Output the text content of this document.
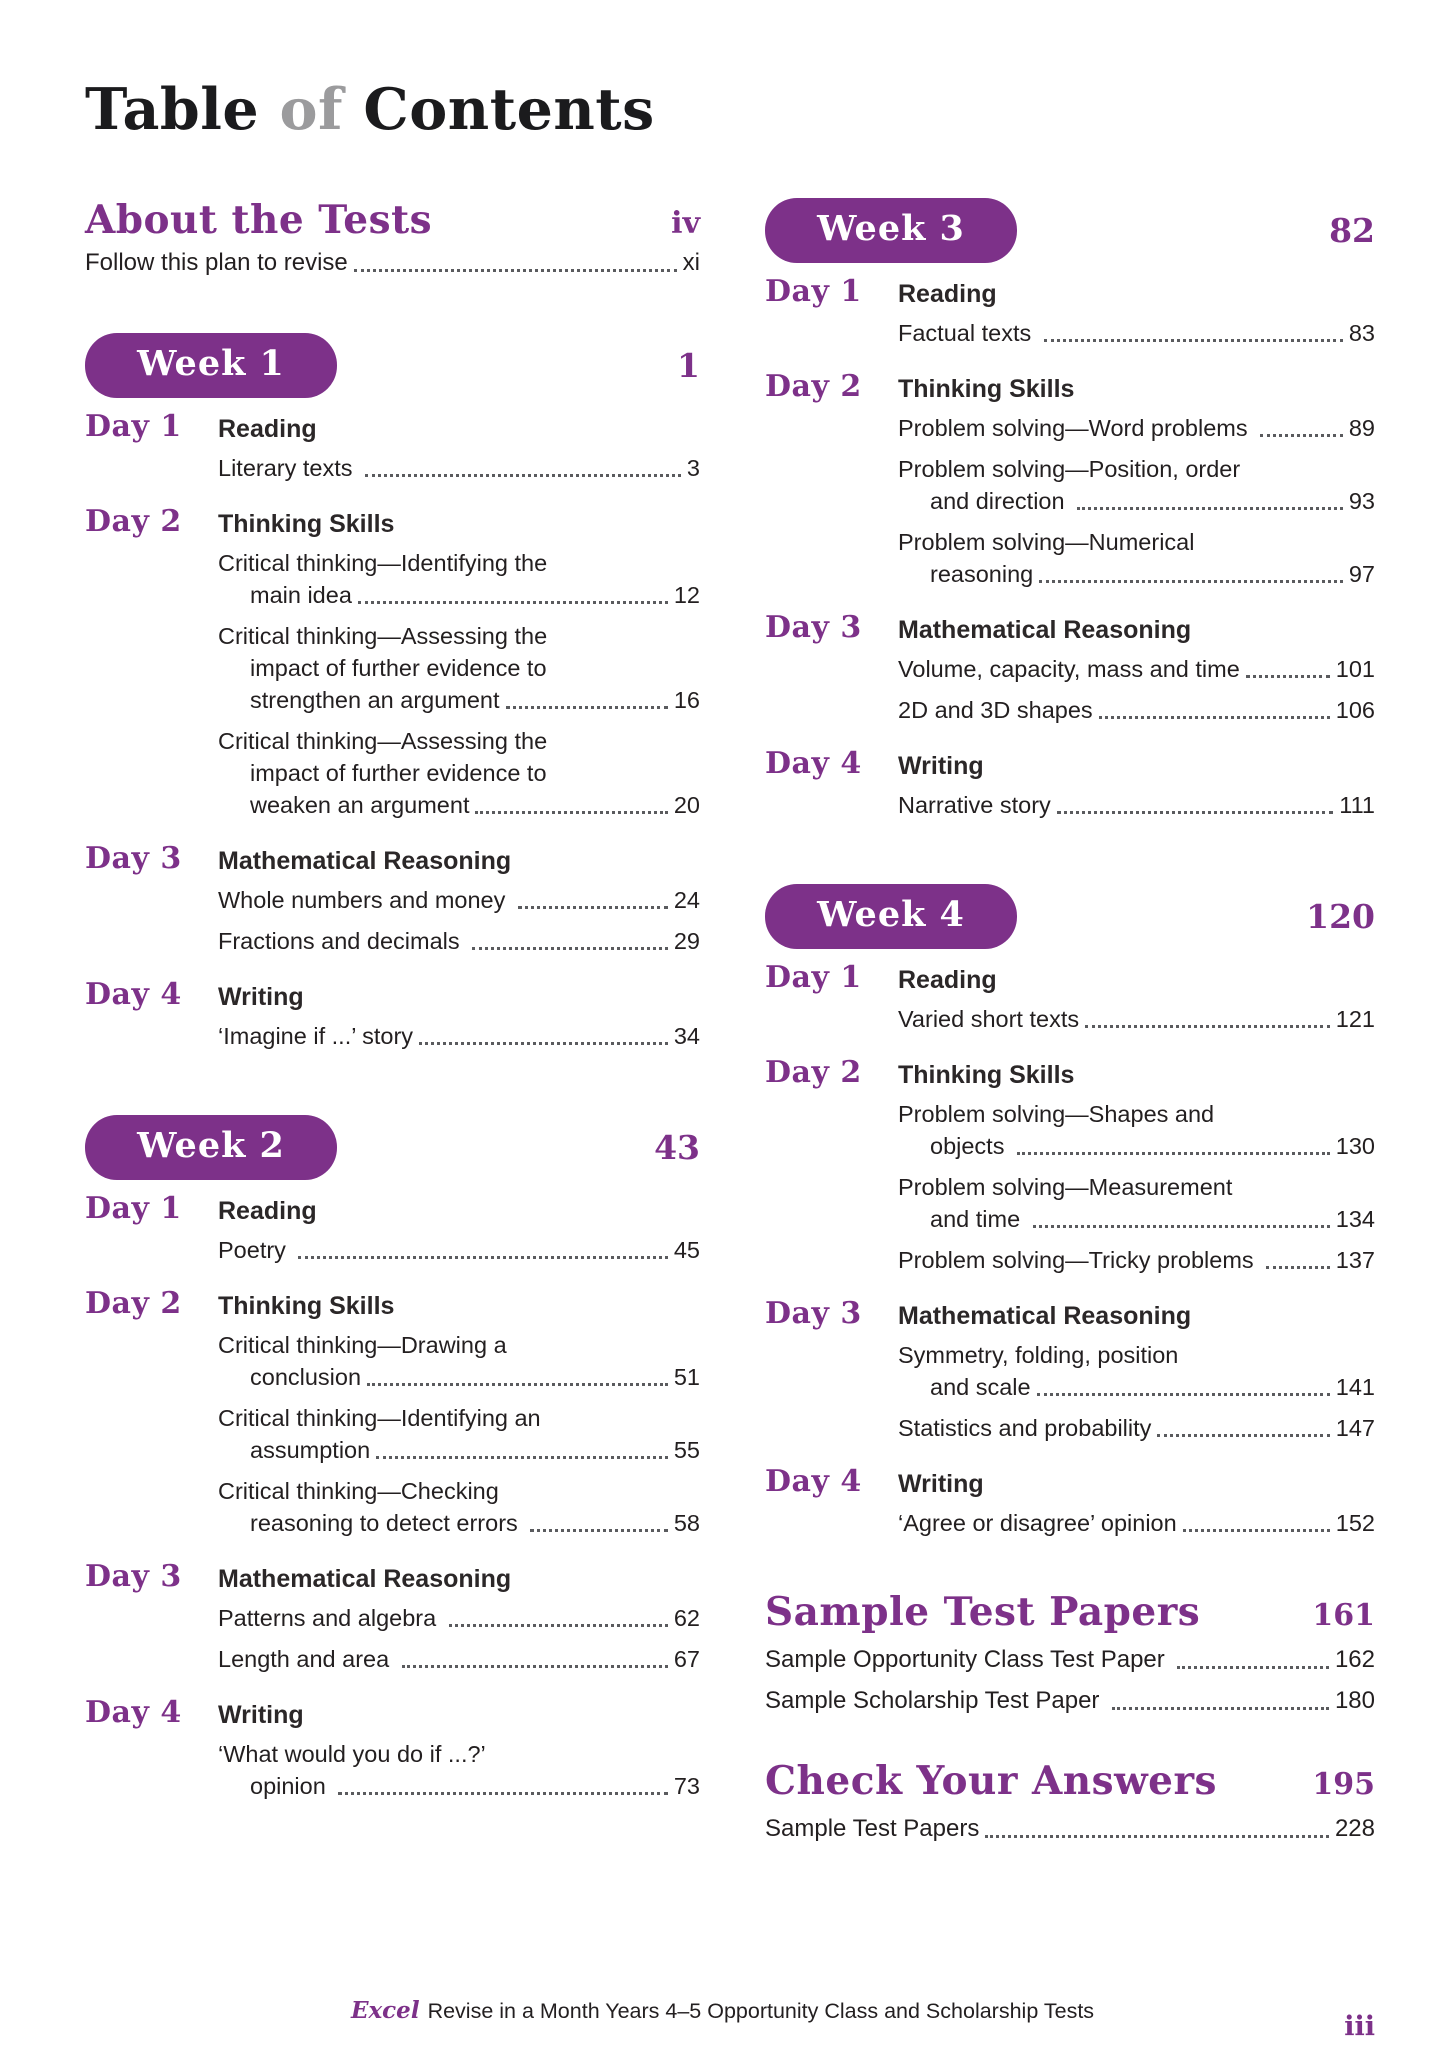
Table of Contents
About the Tests	iv
Follow this plan to revise	xi
Week 1	1
Day 1	Reading
Literary texts	3
Day 2	Thinking Skills
Critical thinking—Identifying the
main idea	12
Critical thinking—Assessing the
impact of further evidence to
strengthen an argument	16
Critical thinking—Assessing the
impact of further evidence to
weaken an argument	20
Day 3	Mathematical Reasoning
Whole numbers and money	24
Fractions and decimals	29
Day 4	Writing
‘Imagine if ...’ story	34
Week 2	43
Day 1	Reading
Poetry	45
Day 2	Thinking Skills
Critical thinking—Drawing a
conclusion	51
Critical thinking—Identifying an
assumption	55
Critical thinking—Checking
reasoning to detect errors	58
Day 3	Mathematical Reasoning
Patterns and algebra	62
Length and area	67
Day 4	Writing
‘What would you do if ...?’
opinion	73
Week 3	82
Day 1	Reading
Factual texts	83
Day 2	Thinking Skills
Problem solving—Word problems	89
Problem solving—Position, order
and direction	93
Problem solving—Numerical
reasoning	97
Day 3	Mathematical Reasoning
Volume, capacity, mass and time	101
2D and 3D shapes	106
Day 4	Writing
Narrative story	111
Week 4	120
Day 1	Reading
Varied short texts	121
Day 2	Thinking Skills
Problem solving—Shapes and
objects	130
Problem solving—Measurement
and time	134
Problem solving—Tricky problems	137
Day 3	Mathematical Reasoning
Symmetry, folding, position
and scale	141
Statistics and probability	147
Day 4	Writing
‘Agree or disagree’ opinion	152
Sample Test Papers	161
Sample Opportunity Class Test Paper	162
Sample Scholarship Test Paper	180
Check Your Answers	195
Sample Test Papers	228
Excel Revise in a Month Years 4–5 Opportunity Class and Scholarship Tests	iii
